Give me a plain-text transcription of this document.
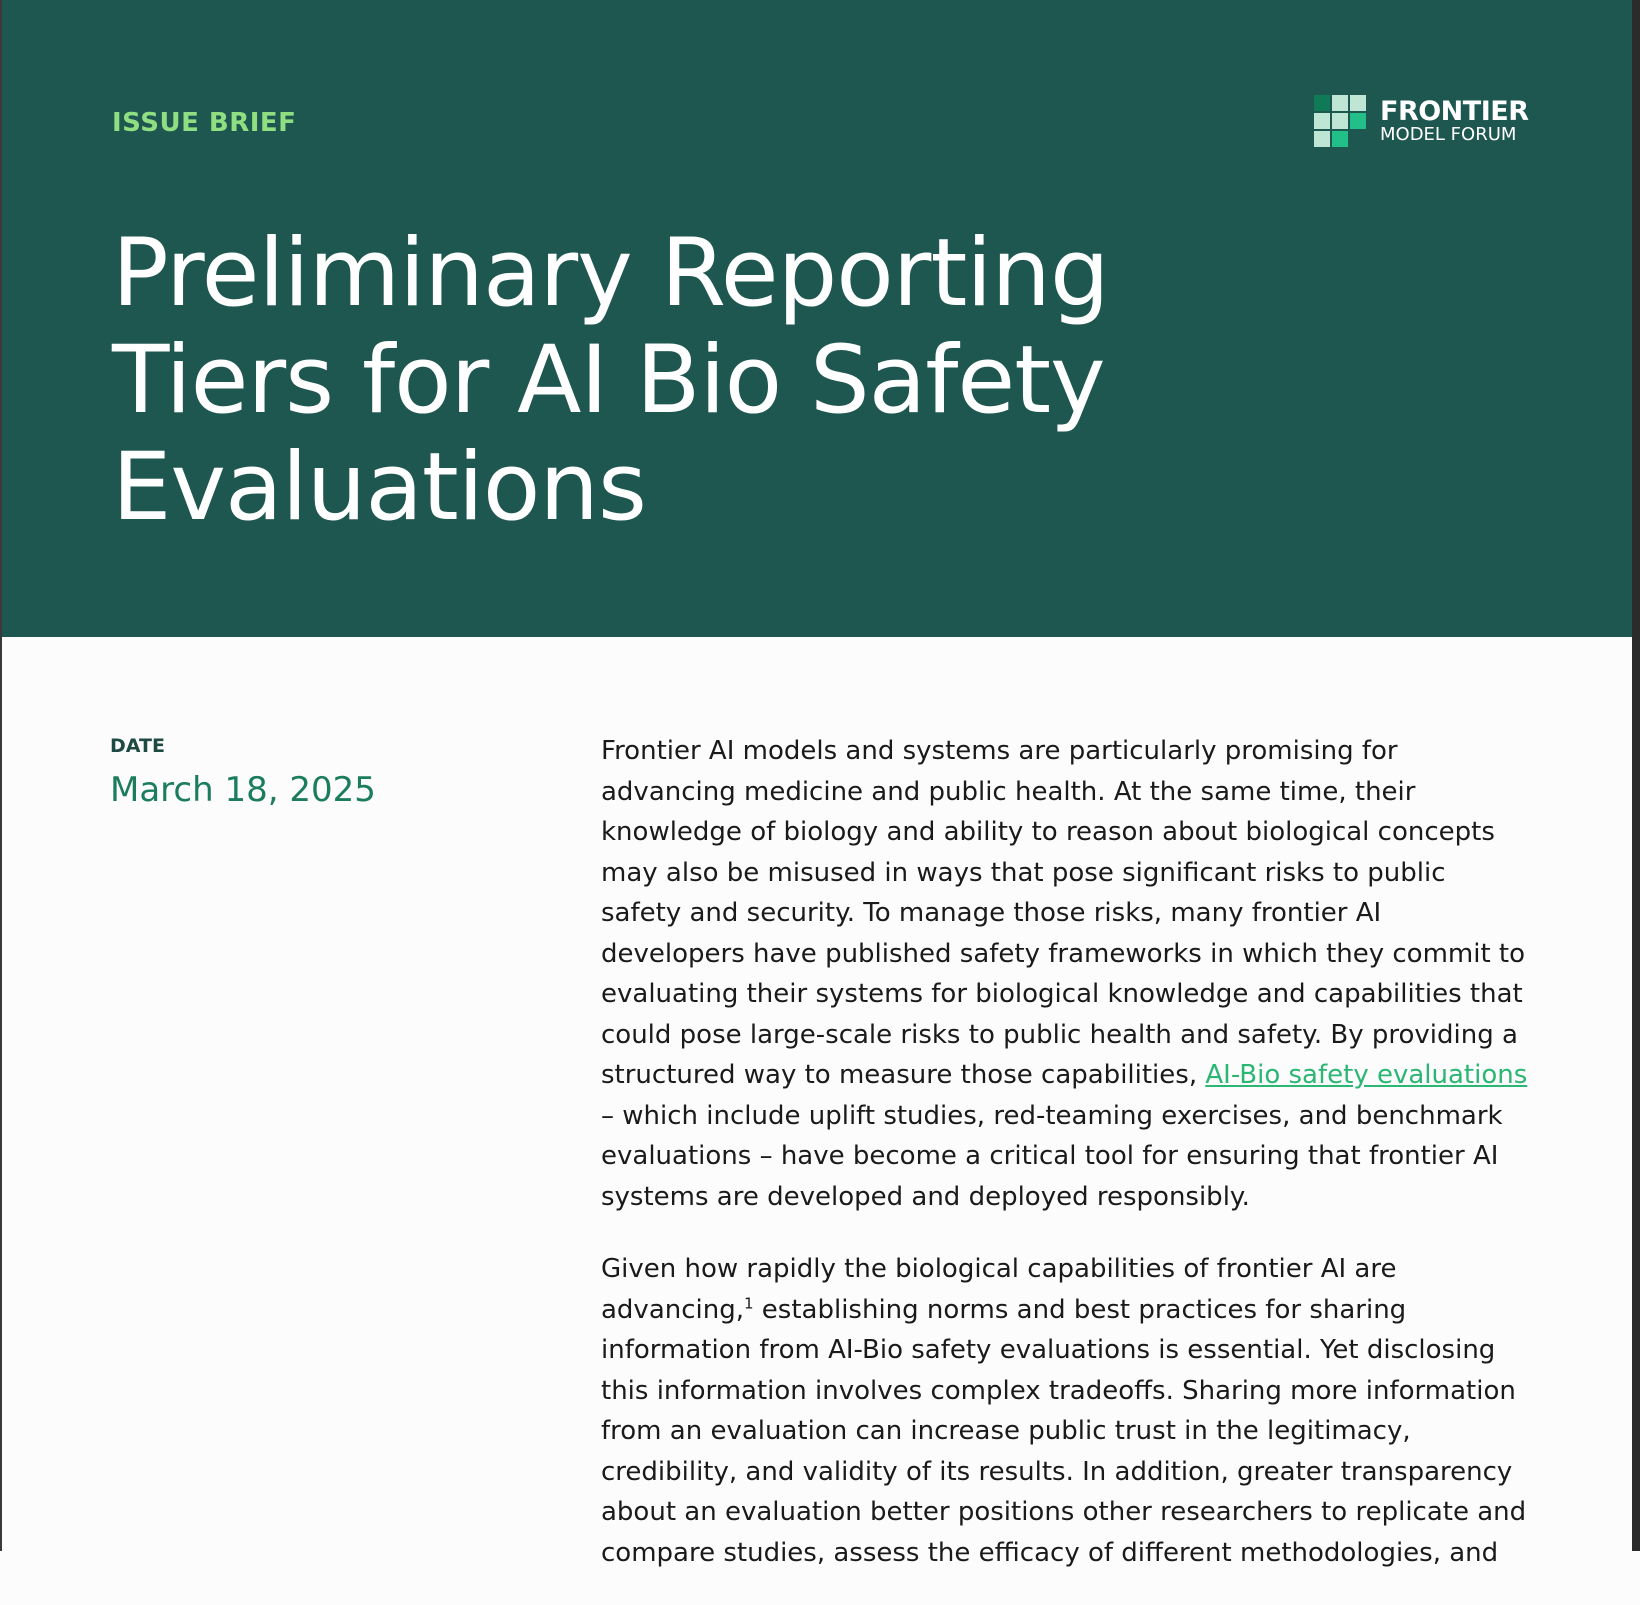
ISSUE BRIEF
Preliminary Reporting Tiers for AI Bio Safety Evaluations
FRONTIER
MODEL FORUM
DATE
March 18, 2025

Frontier AI models and systems are particularly promising for advancing medicine and public health. At the same time, their knowledge of biology and ability to reason about biological concepts may also be misused in ways that pose significant risks to public safety and security. To manage those risks, many frontier AI developers have published safety frameworks in which they commit to evaluating their systems for biological knowledge and capabilities that could pose large-scale risks to public health and safety. By providing a structured way to measure those capabilities, AI-Bio safety evaluations – which include uplift studies, red-teaming exercises, and benchmark evaluations – have become a critical tool for ensuring that frontier AI systems are developed and deployed responsibly.

Given how rapidly the biological capabilities of frontier AI are advancing,$^1$ establishing norms and best practices for sharing information from AI-Bio safety evaluations is essential. Yet disclosing this information involves complex tradeoffs. Sharing more information from an evaluation can increase public trust in the legitimacy, credibility, and validity of its results. In addition, greater transparency about an evaluation better positions other researchers to replicate and compare studies, assess the efficacy of different methodologies, and
